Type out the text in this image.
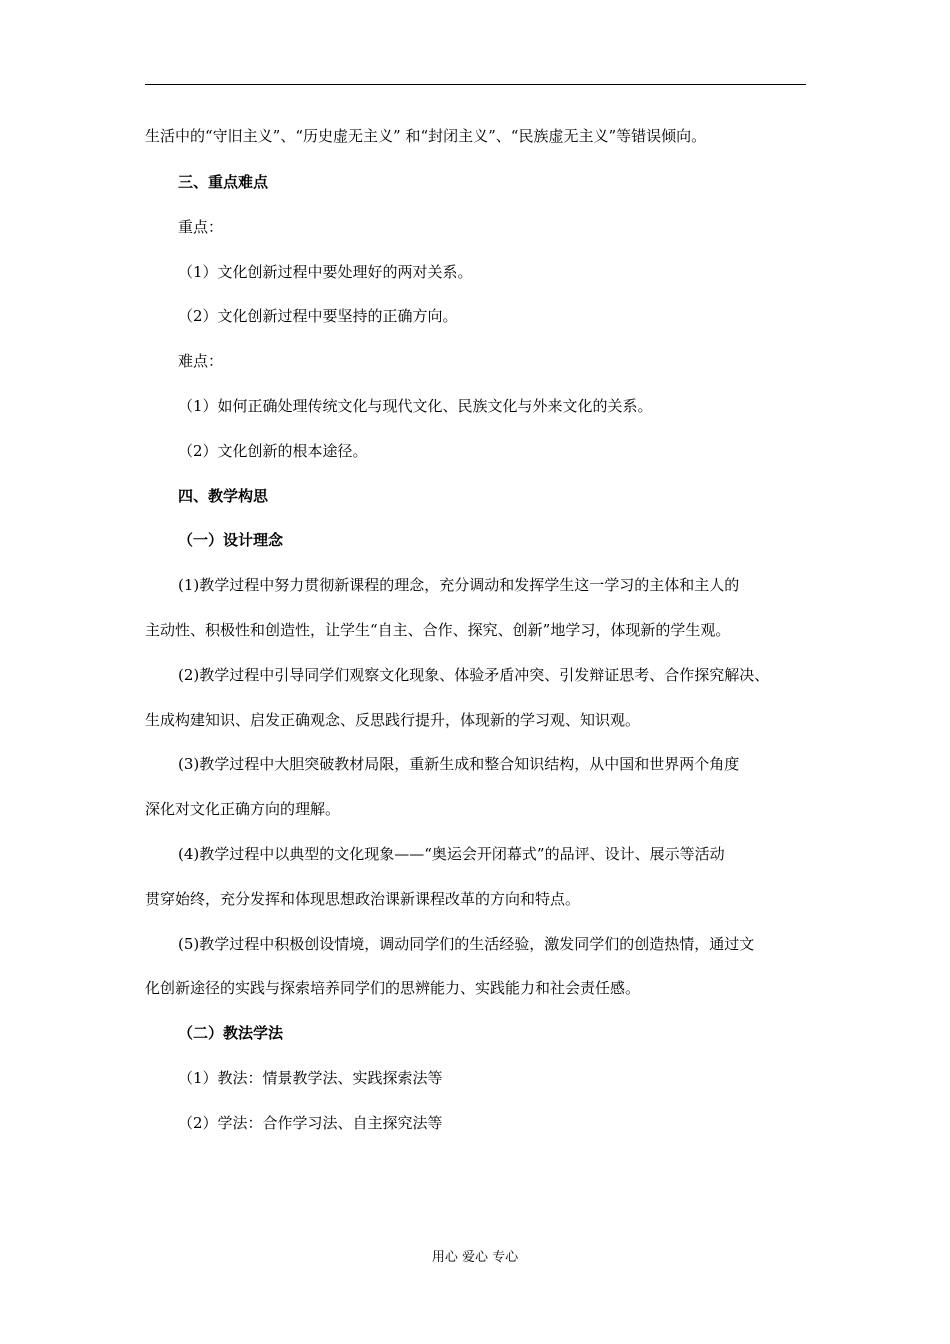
生活中的“守旧主义”、“历史虚无主义” 和“封闭主义”、“民族虚无主义”等错误倾向。
三、重点难点
重点：
（1）文化创新过程中要处理好的两对关系。
（2）文化创新过程中要坚持的正确方向。
难点：
（1）如何正确处理传统文化与现代文化、民族文化与外来文化的关系。
（2）文化创新的根本途径。
四、教学构思
（一）设计理念
(1)教学过程中努力贯彻新课程的理念，充分调动和发挥学生这一学习的主体和主人的
主动性、积极性和创造性，让学生“自主、合作、探究、创新”地学习，体现新的学生观。
(2)教学过程中引导同学们观察文化现象、体验矛盾冲突、引发辩证思考、合作探究解决、
生成构建知识、启发正确观念、反思践行提升，体现新的学习观、知识观。
(3)教学过程中大胆突破教材局限，重新生成和整合知识结构，从中国和世界两个角度
深化对文化正确方向的理解。
(4)教学过程中以典型的文化现象——“奥运会开闭幕式”的品评、设计、展示等活动
贯穿始终，充分发挥和体现思想政治课新课程改革的方向和特点。
(5)教学过程中积极创设情境，调动同学们的生活经验，激发同学们的创造热情，通过文
化创新途径的实践与探索培养同学们的思辨能力、实践能力和社会责任感。
（二）教法学法
（1）教法：情景教学法、实践探索法等
（2）学法：合作学习法、自主探究法等
用心 爱心 专心
